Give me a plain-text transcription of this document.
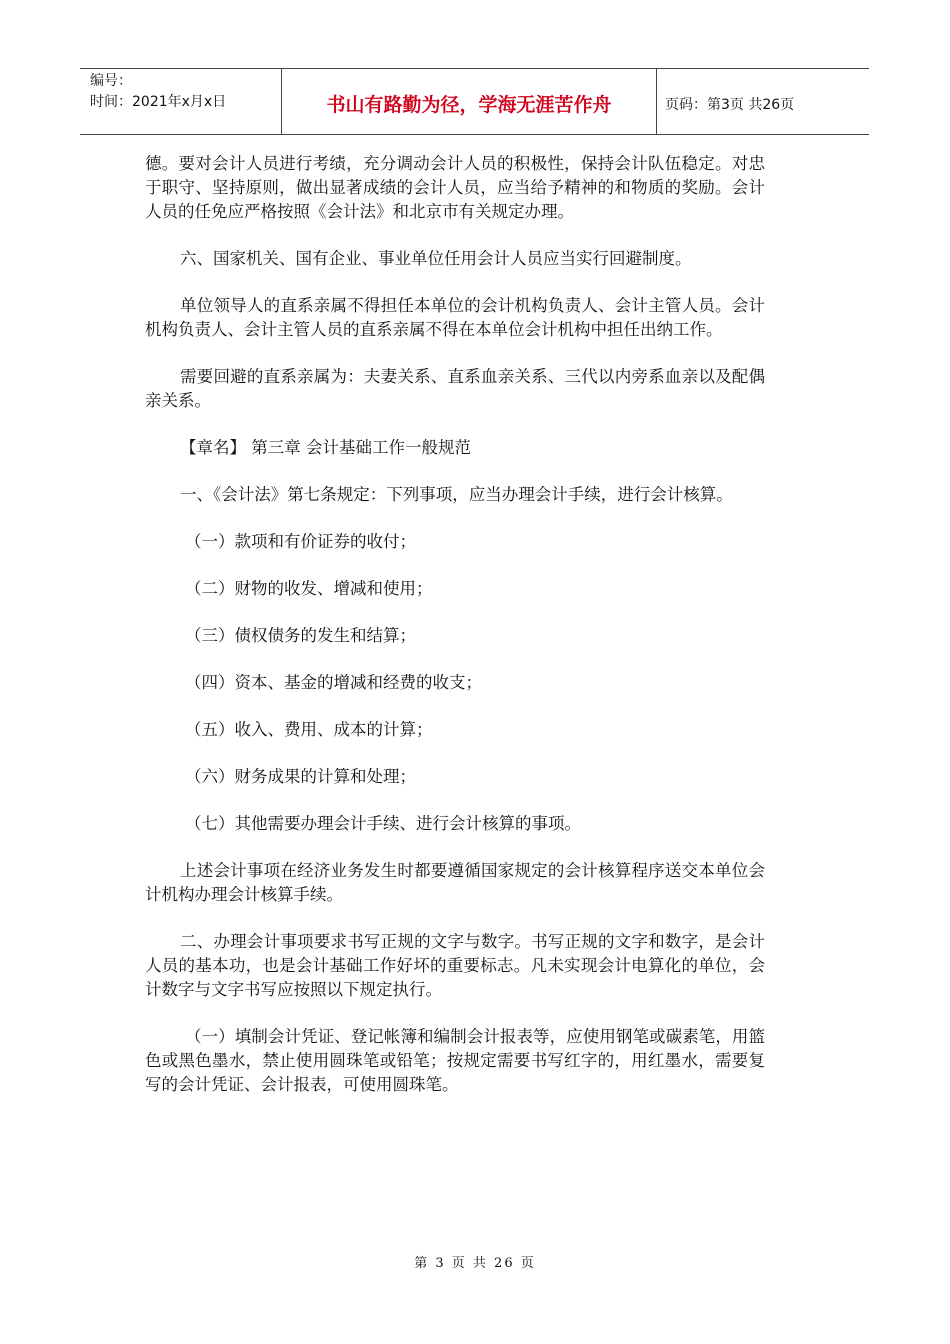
编号：
时间：2021年x月x日	书山有路勤为径，学海无涯苦作舟	页码：第3页 共26页

德。要对会计人员进行考绩，充分调动会计人员的积极性，保持会计队伍稳定。对忠于职守、坚持原则，做出显著成绩的会计人员，应当给予精神的和物质的奖励。会计人员的任免应严格按照《会计法》和北京市有关规定办理。

六、国家机关、国有企业、事业单位任用会计人员应当实行回避制度。

单位领导人的直系亲属不得担任本单位的会计机构负责人、会计主管人员。会计机构负责人、会计主管人员的直系亲属不得在本单位会计机构中担任出纳工作。

需要回避的直系亲属为：夫妻关系、直系血亲关系、三代以内旁系血亲以及配偶亲关系。

【章名】 第三章 会计基础工作一般规范

一、《会计法》第七条规定：下列事项，应当办理会计手续，进行会计核算。

（一）款项和有价证券的收付；

（二）财物的收发、增减和使用；

（三）债权债务的发生和结算；

（四）资本、基金的增减和经费的收支；

（五）收入、费用、成本的计算；

（六）财务成果的计算和处理；

（七）其他需要办理会计手续、进行会计核算的事项。

上述会计事项在经济业务发生时都要遵循国家规定的会计核算程序送交本单位会计机构办理会计核算手续。

二、办理会计事项要求书写正规的文字与数字。书写正规的文字和数字，是会计人员的基本功，也是会计基础工作好坏的重要标志。凡未实现会计电算化的单位，会计数字与文字书写应按照以下规定执行。

（一）填制会计凭证、登记帐簿和编制会计报表等，应使用钢笔或碳素笔，用篮色或黑色墨水，禁止使用圆珠笔或铅笔；按规定需要书写红字的，用红墨水，需要复写的会计凭证、会计报表，可使用圆珠笔。

第 3 页 共 26 页
